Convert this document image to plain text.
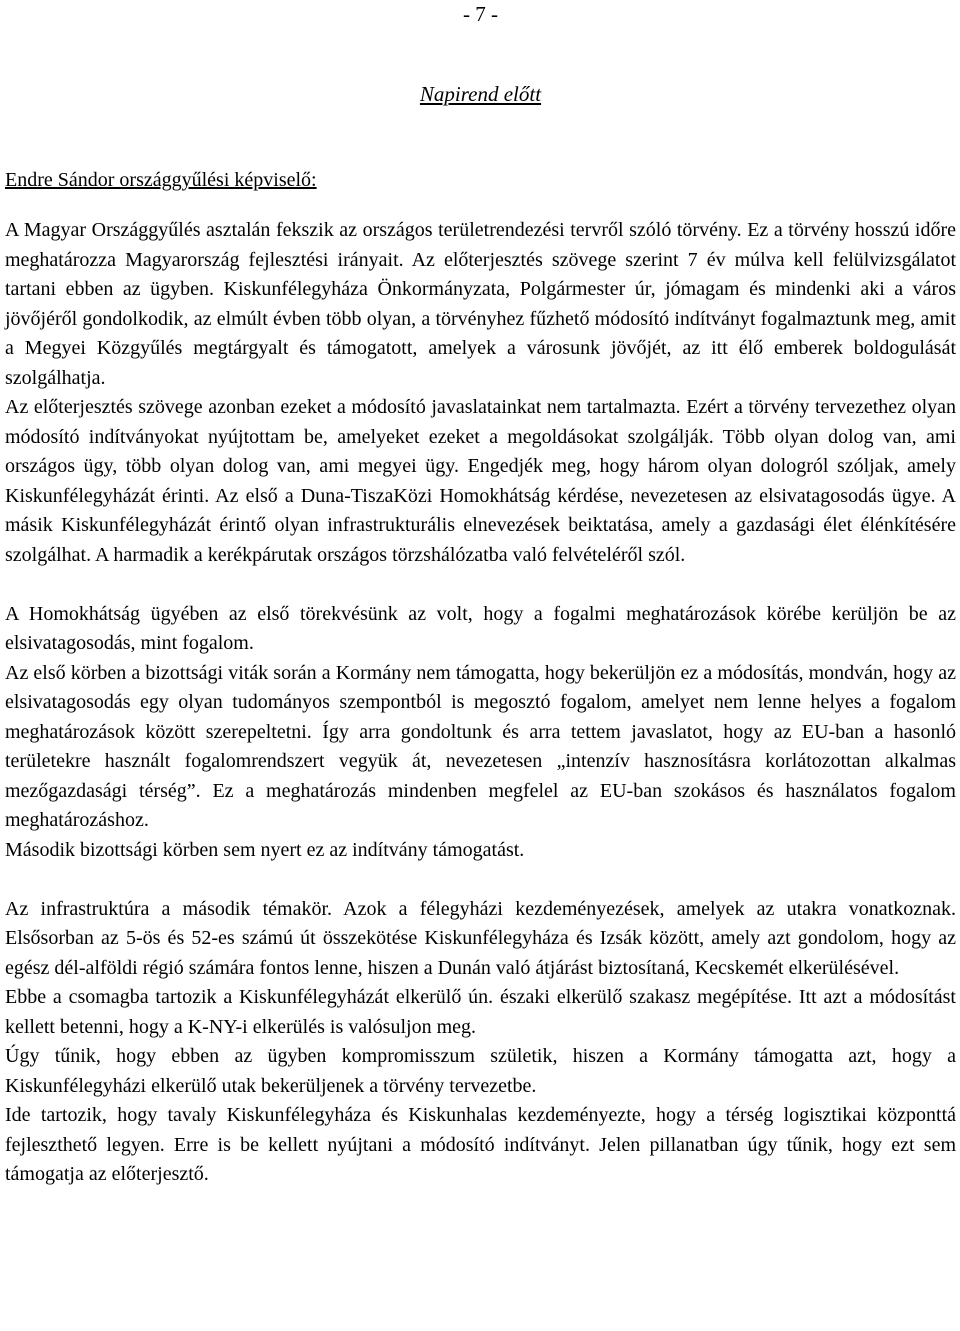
- 7 -
Napirend előtt
Endre Sándor országgyűlési képviselő:

A Magyar Országgyűlés asztalán fekszik az országos területrendezési tervről szóló törvény. Ez a törvény hosszú időre meghatározza Magyarország fejlesztési irányait. Az előterjesztés szövege szerint 7 év múlva kell felülvizsgálatot tartani ebben az ügyben. Kiskunfélegyháza Önkormányzata, Polgármester úr, jómagam és mindenki aki a város jövőjéről gondolkodik, az elmúlt évben több olyan, a törvényhez fűzhető módosító indítványt fogalmaztunk meg, amit a Megyei Közgyűlés megtárgyalt és támogatott, amelyek a városunk jövőjét, az itt élő emberek boldogulását szolgálhatja.

Az előterjesztés szövege azonban ezeket a módosító javaslatainkat nem tartalmazta. Ezért a törvény tervezethez olyan módosító indítványokat nyújtottam be, amelyeket ezeket a megoldásokat szolgálják. Több olyan dolog van, ami országos ügy, több olyan dolog van, ami megyei ügy. Engedjék meg, hogy három olyan dologról szóljak, amely Kiskunfélegyházát érinti. Az első a Duna-TiszaKözi Homokhátság kérdése, nevezetesen az elsivatagosodás ügye. A másik Kiskunfélegyházát érintő olyan infrastrukturális elnevezések beiktatása, amely a gazdasági élet élénkítésére szolgálhat. A harmadik a kerékpárutak országos törzshálózatba való felvételéről szól.

A Homokhátság ügyében az első törekvésünk az volt, hogy a fogalmi meghatározások körébe kerüljön be az elsivatagosodás, mint fogalom.

Az első körben a bizottsági viták során a Kormány nem támogatta, hogy bekerüljön ez a módosítás, mondván, hogy az elsivatagosodás egy olyan tudományos szempontból is megosztó fogalom, amelyet nem lenne helyes a fogalom meghatározások között szerepeltetni. Így arra gondoltunk és arra tettem javaslatot, hogy az EU-ban a hasonló területekre használt fogalomrendszert vegyük át, nevezetesen „intenzív hasznosításra korlátozottan alkalmas mezőgazdasági térség”. Ez a meghatározás mindenben megfelel az EU-ban szokásos és használatos fogalom meghatározáshoz.

Második bizottsági körben sem nyert ez az indítvány támogatást.

Az infrastruktúra a második témakör. Azok a félegyházi kezdeményezések, amelyek az utakra vonatkoznak. Elsősorban az 5-ös és 52-es számú út összekötése Kiskunfélegyháza és Izsák között, amely azt gondolom, hogy az egész dél-alföldi régió számára fontos lenne, hiszen a Dunán való átjárást biztosítaná, Kecskemét elkerülésével.

Ebbe a csomagba tartozik a Kiskunfélegyházát elkerülő ún. északi elkerülő szakasz megépítése. Itt azt a módosítást kellett betenni, hogy a K-NY-i elkerülés is valósuljon meg.

Úgy tűnik, hogy ebben az ügyben kompromisszum születik, hiszen a Kormány támogatta azt, hogy a Kiskunfélegyházi elkerülő utak bekerüljenek a törvény tervezetbe.

Ide tartozik, hogy tavaly Kiskunfélegyháza és Kiskunhalas kezdeményezte, hogy a térség logisztikai központtá fejleszthető legyen. Erre is be kellett nyújtani a módosító indítványt. Jelen pillanatban úgy tűnik, hogy ezt sem támogatja az előterjesztő.
